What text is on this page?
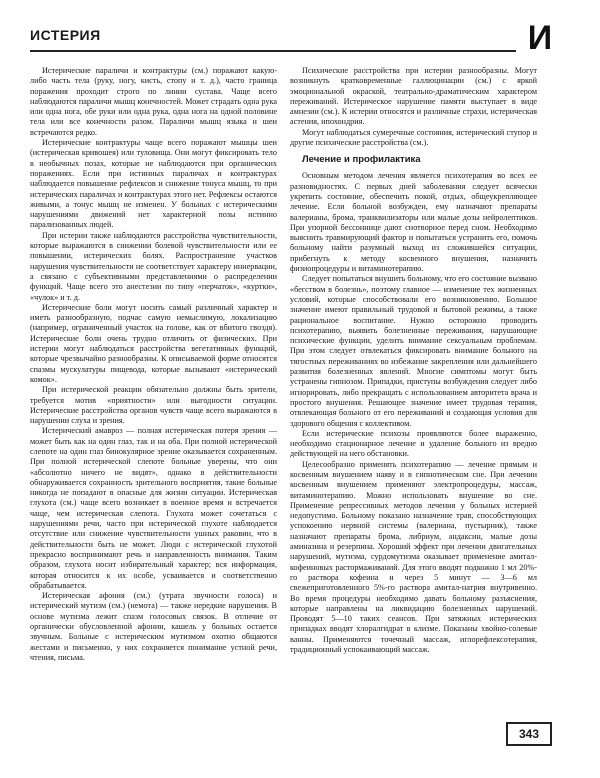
ИСТЕРИЯ	И

Истерические параличи и контрактуры (см.) поражают какую-либо часть тела (руку, ногу, кисть, стопу и т. д.), часто граница поражения проходит строго по линии сустава. Чаще всего наблюдаются параличи мышц конечностей. Может страдать одна рука или одна нога, обе руки или одна рука, одна нога на одной половине тела или все конечности разом. Параличи мышц языка и шеи встречаются редко.

Истерические контрактуры чаще всего поражают мышцы шеи (истерическая кривошея) или туловища. Они могут фиксировать тело в необычных позах, которые не наблюдаются при органических поражениях. Если при истинных параличах и контрактурах наблюдается повышение рефлексов и снижение тонуса мышц, то при истерических параличах и контрактурах этого нет. Рефлексы остаются живыми, а тонус мышц не изменен. У больных с истерическими нарушениями движений нет характерной позы истинно парализованных людей.

При истерии также наблюдаются расстройства чувствительности, которые выражаются в снижении болевой чувствительности или ее повышении, истерических болях. Распространение участков нарушения чувствительности не соответствует характеру иннервации, а связано с субъективными представлениями о распределении функций. Чаще всего это анестезии по типу «перчаток», «куртки», «чулок» и т. д.

Истерические боли могут носить самый различный характер и иметь разнообразную, подчас самую немыслимую, локализацию (например, ограниченный участок на голове, как от вбитого гвоздя). Истерические боли очень трудно отличить от физических. При истерии могут наблюдаться расстройства вегетативных функций, которые чрезвычайно разнообразны. К описываемой форме относятся спазмы мускулатуры пищевода, которые вызывают «истерический комок».

При истерической реакции обязательно должны быть зрители, требуется мотив «приятности» или выгодности ситуации. Истерические расстройства органов чувств чаще всего выражаются в нарушении слуха и зрения.

Истерический амавроз — полная истерическая потеря зрения — может быть как на один глаз, так и на оба. При полной истерической слепоте на один глаз бинокулярное зрение оказывается сохраненным. При полной истерической слепоте больные уверены, что они «абсолютно ничего не видят», однако в действительности обнаруживается сохранность зрительного восприятия, такие больные никогда не попадают в опасные для жизни ситуации. Истерическая глухота (см.) чаще всего возникает в военное время и встречается чаще, чем истерическая слепота. Глухота может сочетаться с нарушениями речи, часто при истерической глухоте наблюдается отсутствие или снижение чувствительности ушных раковин, что в действительности быть не может. Люди с истерической глухотой прекрасно воспринимают речь и направленность внимания. Таким образом, глухота носит избирательный характер; вся информация, которая относится к их особе, усваивается и соответственно обрабатывается.

Истерическая афония (см.) (утрата звучности голоса) и истерический мутизм (см.) (немота) — также нередкие нарушения. В основе мутизма лежит спазм голосовых связок. В отличие от органически обусловленной афонии, кашель у больных остается звучным. Больные с истерическим мутизмом охотно общаются жестами и письменно, у них сохраняется понимание устной речи, чтения, письма.

Психические расстройства при истерии разнообразны. Могут возникнуть кратковременные галлюцинации (см.) с яркой эмоциональной окраской, театрально-драматическим характером переживаний. Истерическое нарушение памяти выступает в виде амнезии (см.). К истерии относятся и различные страхи, истерическая астения, ипохондрия.

Могут наблюдаться сумеречные состояния, истерический ступор и другие психические расстройства (см.).

Лечение и профилактика

Основным методом лечения является психотерапия во всех ее разновидностях. С первых дней заболевания следует всячески укрепить состояние, обеспечить покой, отдых, общеукрепляющее лечение. Если больной возбужден, ему назначают препараты валерианы, брома, транквилизаторы или малые дозы нейролептиков. При упорной бессоннице дают снотворное перед сном. Необходимо выяснить травмирующий фактор и попытаться устранить его, помочь больному найти разумный выход из сложившейся ситуации, прибегнуть к методу косвенного внушения, назначить физиопроцедуры и витаминотерапию.

Следует попытаться внушить больному, что его состояние вызвано «бегством в болезнь», поэтому главное — изменение тех жизненных условий, которые способствовали его возникновению. Большое значение имеют правильный трудовой и бытовой режимы, а также рациональное воспитание. Нужно осторожно проводить психотерапию, выявить болезненные переживания, нарушающие психические функции, уделить внимание сексуальным проблемам. При этом следует отвлекаться фиксировать внимание больного на тягостных переживаниях во избежание закрепления или дальнейшего развития болезненных явлений. Многие симптомы могут быть устранены гипнозом. Припадки, приступы возбуждения следует либо игнорировать, либо прекращать с использованием авторитета врача и простого внушения. Решающее значение имеет трудовая терапия, отвлекающая больного от его переживаний и создающая условия для здорового общения с коллективом.

Если истерические психозы проявляются более выраженно, необходимо стационарное лечение и удаление больного из вредно действующей на него обстановки.

Целесообразно применять психотерапию — лечение прямым и косвенным внушением наяву и в гипнотическом сне. При лечении косвенным внушением применяют электропроцедуры, массаж, витаминотерапию. Можно использовать внушение во сне. Применение репрессивных методов лечения у больных истерией недопустимо. Больному показано назначение трав, способствующих успокоению нервной системы (валериана, пустырник), также назначают препараты брома, либриум, андаксин, малые дозы аминазина и резерпина. Хороший эффект при лечении двигательных нарушений, мутизма, сурдомутизма оказывает применение амитал-кофеиновых растормаживаний. Для этого вводят подкожно 1 мл 20%-го раствора кофеина и через 5 минут — 3—6 мл свежеприготовленного 5%-го раствора амитал-натрия внутривенно. Во время процедуры необходимо давать больному разъяснения, которые направлены на ликвидацию болезненных нарушений. Проводят 5—10 таких сеансов. При затяжных истерических припадках вводят хлоралгидрат в клизме. Показаны хвойно-солевые ванны. Применяются точечный массаж, иглорефлексотерапия, традиционный успокаивающий массаж.

343
